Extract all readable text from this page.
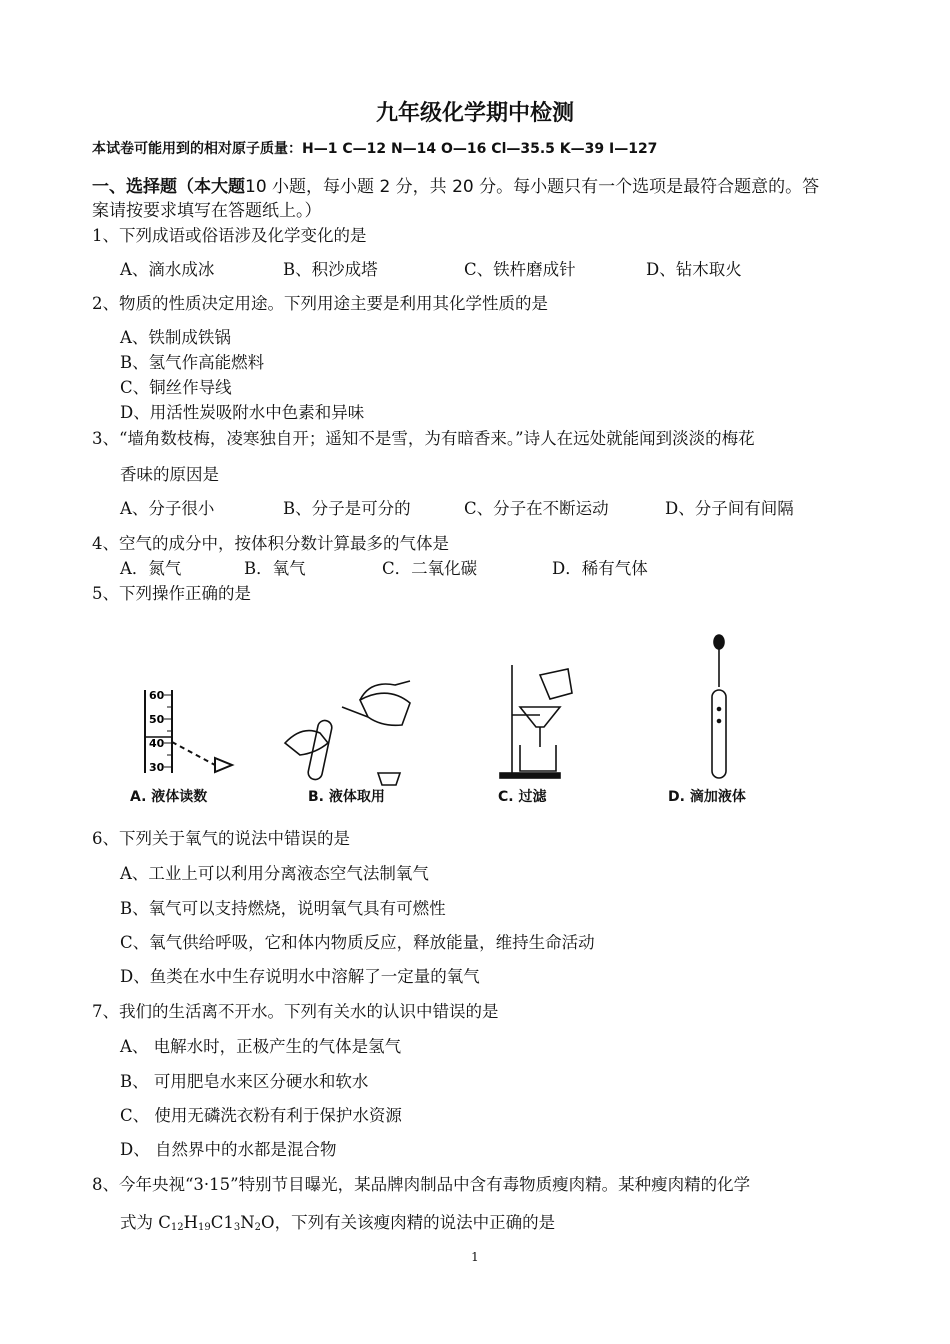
九年级化学期中检测
本试卷可能用到的相对原子质量：H—1 C—12 N—14 O—16 Cl—35.5 K—39 I—127
一、选择题（本大题10 小题，每小题 2 分，共 20 分。每小题只有一个选项是最符合题意的。答
案请按要求填写在答题纸上。）
1、下列成语或俗语涉及化学变化的是
A、滴水成冰	B、积沙成塔	C、铁杵磨成针	D、钻木取火
2、物质的性质决定用途。下列用途主要是利用其化学性质的是
A、铁制成铁锅
B、氢气作高能燃料
C、铜丝作导线
D、用活性炭吸附水中色素和异味
3、“墙角数枝梅，凌寒独自开；遥知不是雪，为有暗香来。”诗人在远处就能闻到淡淡的梅花
香味的原因是
A、分子很小	B、分子是可分的	C、分子在不断运动	D、分子间有间隔
4、空气的成分中，按体积分数计算最多的气体是
A．氮气	B．氧气	C．二氧化碳	D．稀有气体
5、下列操作正确的是
60
50
40
30
A. 液体读数	B. 液体取用	C. 过滤	D. 滴加液体
6、下列关于氧气的说法中错误的是
A、工业上可以利用分离液态空气法制氧气
B、氧气可以支持燃烧，说明氧气具有可燃性
C、氧气供给呼吸，它和体内物质反应，释放能量，维持生命活动
D、鱼类在水中生存说明水中溶解了一定量的氧气
7、我们的生活离不开水。下列有关水的认识中错误的是
A、 电解水时，正极产生的气体是氢气
B、 可用肥皂水来区分硬水和软水
C、 使用无磷洗衣粉有利于保护水资源
D、 自然界中的水都是混合物
8、今年央视“3·15”特别节目曝光，某品牌肉制品中含有毒物质瘦肉精。某种瘦肉精的化学
式为 $C_{12}H_{19}C1_3N_2O$，下列有关该瘦肉精的说法中正确的是
1
